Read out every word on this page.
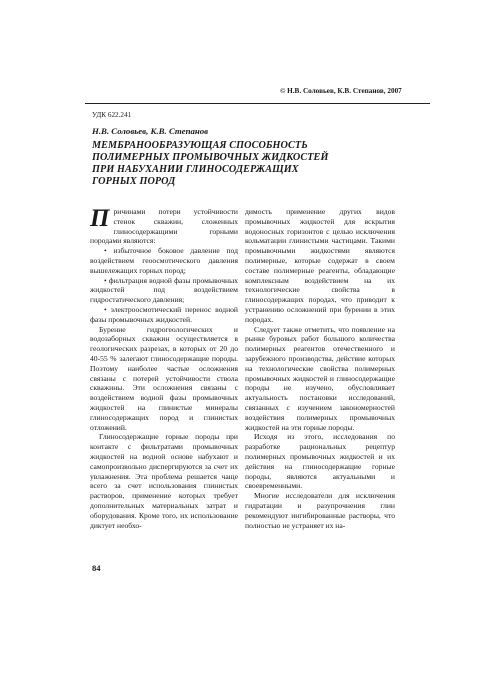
© Н.В. Соловьев, К.В. Степанов, 2007
УДК 622.241
Н.В. Соловьев, К.В. Степанов
МЕМБРАНООБРАЗУЮЩАЯ СПОСОБНОСТЬ
ПОЛИМЕРНЫХ ПРОМЫВОЧНЫХ ЖИДКОСТЕЙ
ПРИ НАБУХАНИИ ГЛИНОСОДЕРЖАЩИХ
ГОРНЫХ ПОРОД

Причинами потери устойчивости стенок скважин, сложенных глиносодержащими горными породами являются:

• избыточное боковое давление под воздействием геоосмотического давления вышележащих горных пород;

• фильтрация водной фазы промывочных жидкостей под воздействием гидростатического давления;

• электроосмотический перенос водной фазы промывочных жидкостей.

Бурение гидрогеологических и водозаборных скважин осуществляется в геологических разрезах, в которых от 20 до 40-55 % залегают глиносодержащие породы. Поэтому наиболее частые осложнения связаны с потерей устойчивости ствола скважины. Эти осложнения связаны с воздействием водной фазы промывочных жидкостей на глинистые минералы глиносодержащих пород и глинистых отложений.

Глиносодержащие горные породы при контакте с фильтратами промывочных жидкостей на водной основе набухают и самопроизвольно диспергируются за счет их увлажнения. Эта проблема решается чаще всего за счет использования глинистых растворов, применение которых требует дополнительных материальных затрат и оборудования. Кроме того, их использование диктует необхо-

димость применение других видов промывочных жидкостей для вскрытия водоносных горизонтов с целью исключения кольматации глинистыми частицами. Такими промывочными жидкостями являются полимерные, которые содержат в своем составе полимерные реагенты, обладающие комплексным воздействием на их технологические свойства в глиносодержащих породах, что приводит к устранению осложнений при бурении в этих породах.

Следует также отметить, что появление на рынке буровых работ большого количества полимерных реагентов отечественного и зарубежного производства, действие которых на технологические свойства полимерных промывочных жидкостей и глиносодержащие породы не изучено, обусловливает актуальность постановки исследований, связанных с изучением закономерностей воздействия полимерных промывочных жидкостей на эти горные породы.

Исходя из этого, исследования по разработке рациональных рецептур полимерных промывочных жидкостей и их действия на глиносодержащие горные породы, являются актуальными и своевременными.

Многие исследователи для исключения гидратации и разупрочнения глин рекомендуют ингибированные растворы, что полностью не устраняет их на-

84
